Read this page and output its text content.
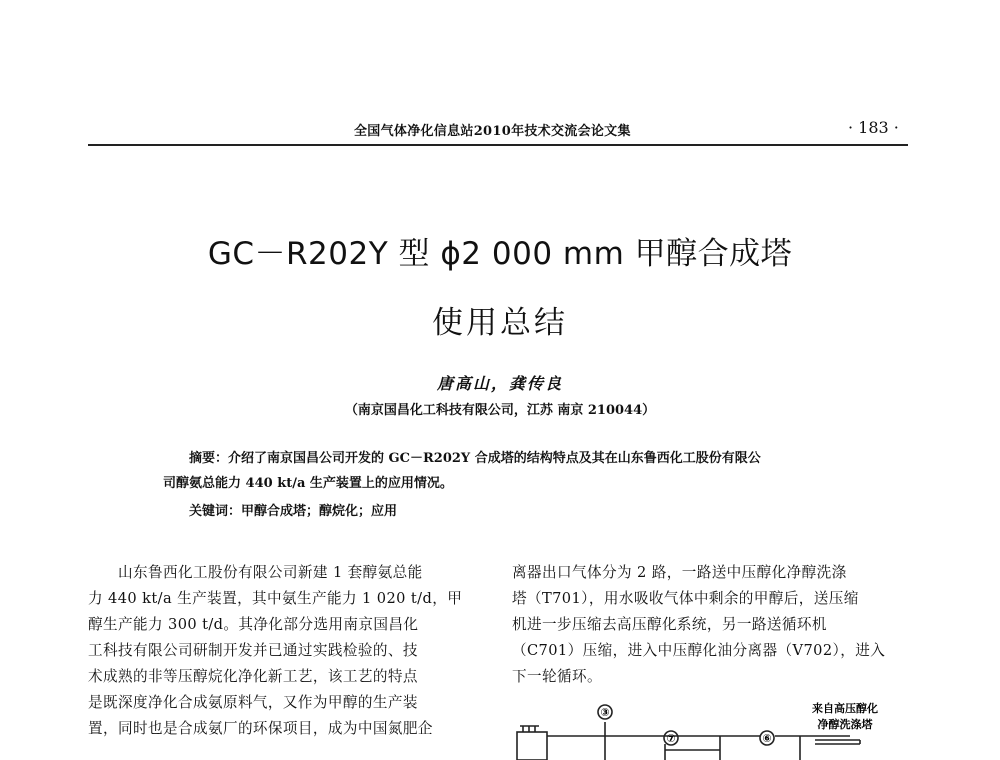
全国气体净化信息站2010年技术交流会论文集	· 183 ·
GC－R202Y 型 ϕ2 000 mm 甲醇合成塔
使用总结
唐高山，龚传良
（南京国昌化工科技有限公司，江苏 南京 210044）

摘要：介绍了南京国昌公司开发的 GC－R202Y 合成塔的结构特点及其在山东鲁西化工股份有限公

司醇氨总能力 440 kt/a 生产装置上的应用情况。

关键词：甲醇合成塔；醇烷化；应用

　　山东鲁西化工股份有限公司新建 1 套醇氨总能

力 440 kt/a 生产装置，其中氨生产能力 1 020 t/d，甲

醇生产能力 300 t/d。其净化部分选用南京国昌化

工科技有限公司研制开发并已通过实践检验的、技

术成熟的非等压醇烷化净化新工艺，该工艺的特点

是既深度净化合成氨原料气，又作为甲醇的生产装

置，同时也是合成氨厂的环保项目，成为中国氮肥企

离器出口气体分为 2 路，一路送中压醇化净醇洗涤

塔（T701），用水吸收气体中剩余的甲醇后，送压缩

机进一步压缩去高压醇化系统，另一路送循环机

（C701）压缩，进入中压醇化油分离器（V702），进入

下一轮循环。

③
⑦	⑥
来自高压醇化
净醇洗涤塔
